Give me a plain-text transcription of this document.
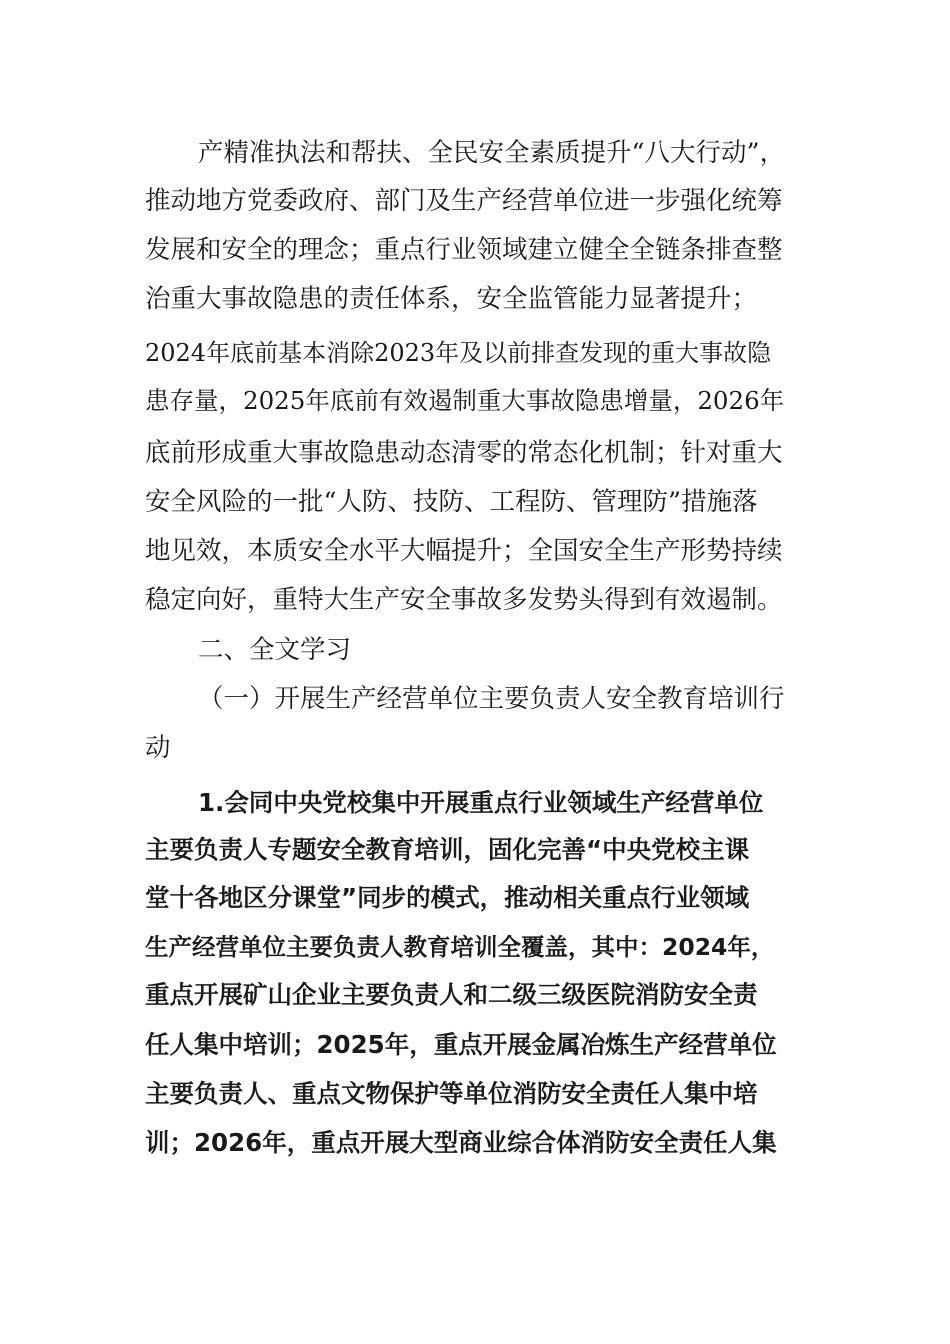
产精准执法和帮扶、全民安全素质提升“八大行动”，
推动地方党委政府、部门及生产经营单位进一步强化统筹
发展和安全的理念；重点行业领域建立健全全链条排查整
治重大事故隐患的责任体系，安全监管能力显著提升；
2024年底前基本消除2023年及以前排查发现的重大事故隐
患存量，2025年底前有效遏制重大事故隐患增量，2026年
底前形成重大事故隐患动态清零的常态化机制；针对重大
安全风险的一批“人防、技防、工程防、管理防”措施落
地见效，本质安全水平大幅提升；全国安全生产形势持续
稳定向好，重特大生产安全事故多发势头得到有效遏制。
二、全文学习
（一）开展生产经营单位主要负责人安全教育培训行
动
1.会同中央党校集中开展重点行业领域生产经营单位
主要负责人专题安全教育培训，固化完善“中央党校主课
堂十各地区分课堂”同步的模式，推动相关重点行业领域
生产经营单位主要负责人教育培训全覆盖，其中：2024年，
重点开展矿山企业主要负责人和二级三级医院消防安全责
任人集中培训；2025年，重点开展金属冶炼生产经营单位
主要负责人、重点文物保护等单位消防安全责任人集中培
训；2026年，重点开展大型商业综合体消防安全责任人集
